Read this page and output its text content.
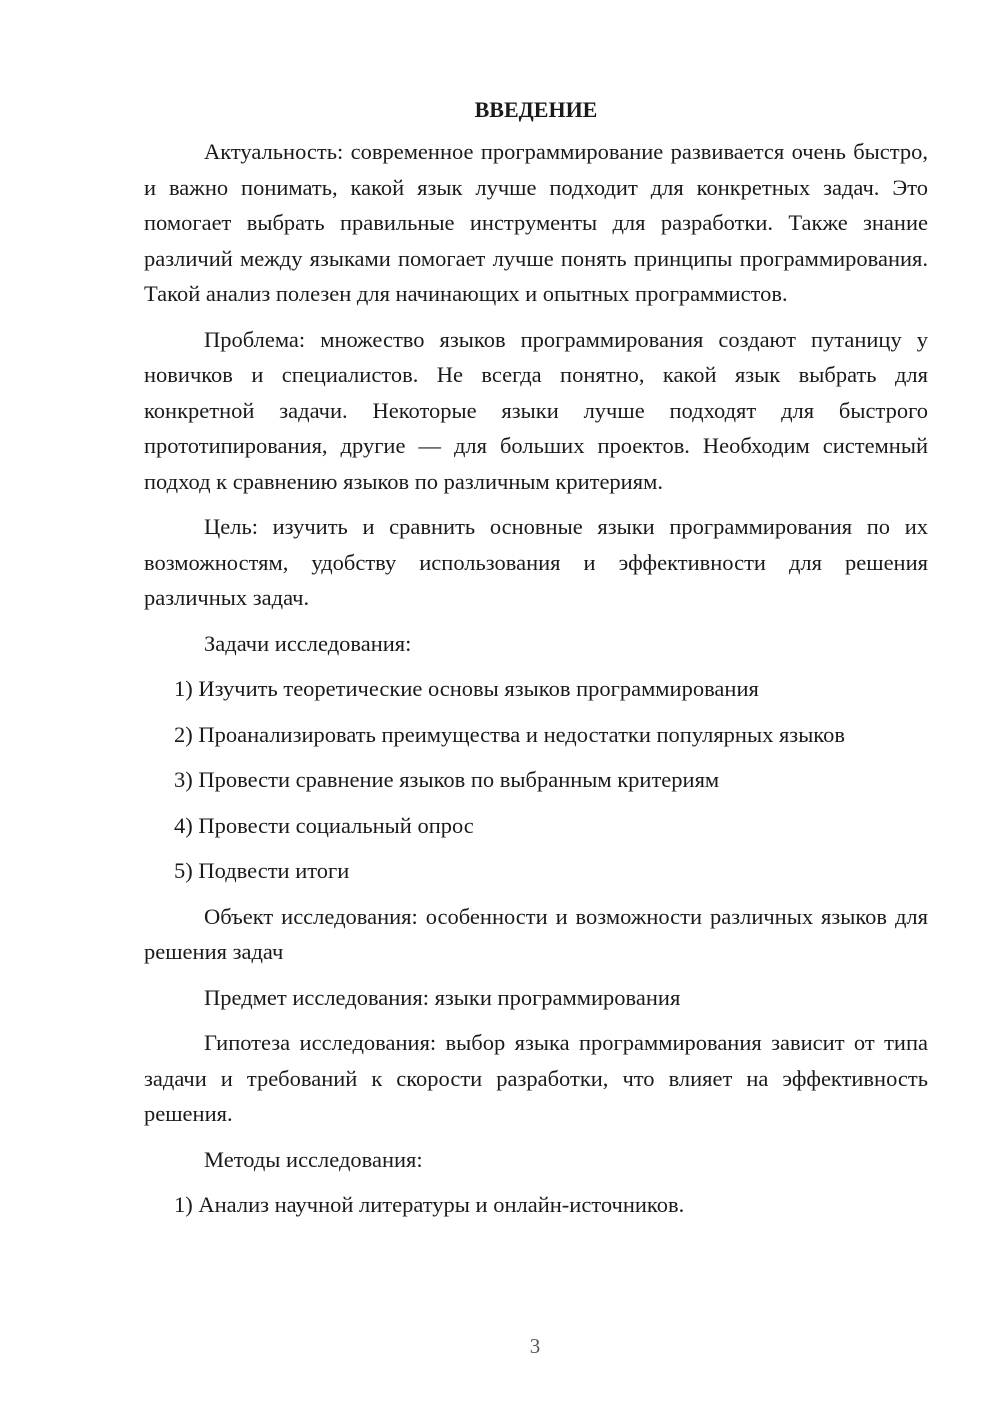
ВВЕДЕНИЕ

Актуальность: современное программирование развивается очень быстро, и важно понимать, какой язык лучше подходит для конкретных задач. Это помогает выбрать правильные инструменты для разработки. Также знание различий между языками помогает лучше понять принципы программирования. Такой анализ полезен для начинающих и опытных программистов.

Проблема: множество языков программирования создают путаницу у новичков и специалистов. Не всегда понятно, какой язык выбрать для конкретной задачи. Некоторые языки лучше подходят для быстрого прототипирования, другие — для больших проектов. Необходим системный подход к сравнению языков по различным критериям.

Цель: изучить и сравнить основные языки программирования по их возможностям, удобству использования и эффективности для решения различных задач.

Задачи исследования:

1) Изучить теоретические основы языков программирования
2) Проанализировать преимущества и недостатки популярных языков
3) Провести сравнение языков по выбранным критериям
4) Провести социальный опрос
5) Подвести итоги

Объект исследования: особенности и возможности различных языков для решения задач

Предмет исследования: языки программирования

Гипотеза исследования: выбор языка программирования зависит от типа задачи и требований к скорости разработки, что влияет на эффективность решения.

Методы исследования:

1) Анализ научной литературы и онлайн-источников.
3
